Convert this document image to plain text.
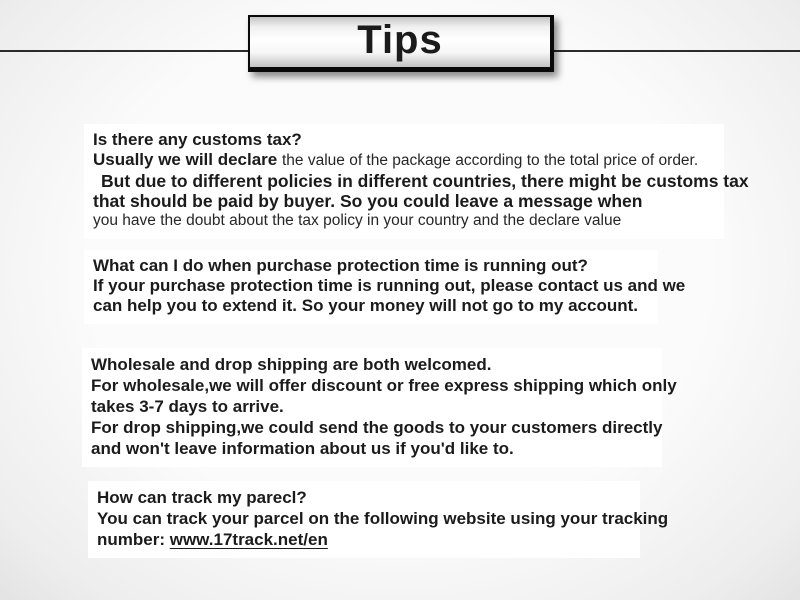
Tips
Is there any customs tax?
Usually we will declare the value of the package according to the total price of order.
But due to different policies in different countries, there might be customs tax
that should be paid by buyer. So you could leave a message when
you have the doubt about the tax policy in your country and the declare value
What can I do when purchase protection time is running out?
If your purchase protection time is running out, please contact us and we
can help you to extend it. So your money will not go to my account.
Wholesale and drop shipping are both welcomed.
For wholesale,we will offer discount or free express shipping which only
takes 3-7 days to arrive.
For drop shipping,we could send the goods to your customers directly
and won't leave information about us if you'd like to.
How can track my parecl?
You can track your parcel on the following website using your tracking
number: www.17track.net/en
